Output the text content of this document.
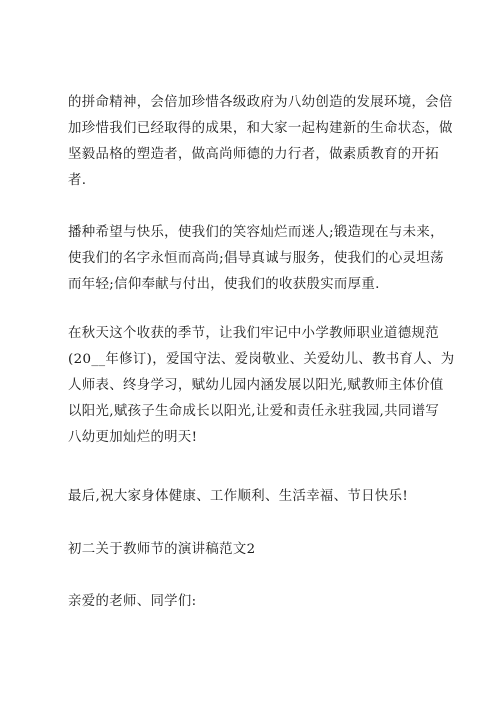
的拼命精神，会倍加珍惜各级政府为八幼创造的发展环境，会倍
加珍惜我们已经取得的成果，和大家一起构建新的生命状态，做
坚毅品格的塑造者，做高尚师德的力行者，做素质教育的开拓
者.

播种希望与快乐，使我们的笑容灿烂而迷人;锻造现在与未来，
使我们的名字永恒而高尚;倡导真诚与服务，使我们的心灵坦荡
而年轻;信仰奉献与付出，使我们的收获殷实而厚重.

在秋天这个收获的季节，让我们牢记中小学教师职业道德规范
(20__年修订)，爱国守法、爱岗敬业、关爱幼儿、教书育人、为
人师表、终身学习，赋幼儿园内涵发展以阳光,赋教师主体价值
以阳光,赋孩子生命成长以阳光,让爱和责任永驻我园,共同谱写
八幼更加灿烂的明天!

最后,祝大家身体健康、工作顺利、生活幸福、节日快乐!

初二关于教师节的演讲稿范文2

亲爱的老师、同学们:
